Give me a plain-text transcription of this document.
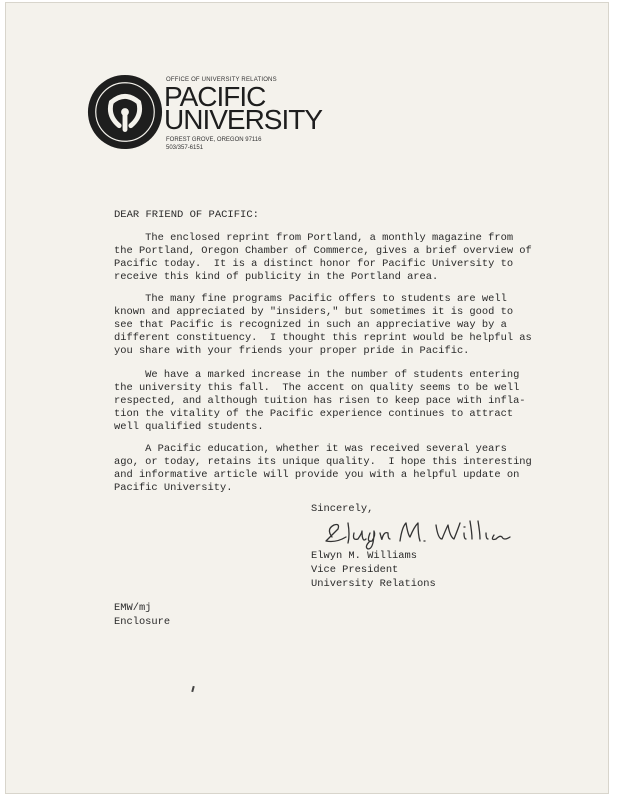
OFFICE OF UNIVERSITY RELATIONS
PACIFIC
UNIVERSITY
FOREST GROVE, OREGON 97116
503/357-6151
DEAR FRIEND OF PACIFIC:

The enclosed reprint from Portland, a monthly magazine from
the Portland, Oregon Chamber of Commerce, gives a brief overview of
Pacific today.  It is a distinct honor for Pacific University to
receive this kind of publicity in the Portland area.

The many fine programs Pacific offers to students are well
known and appreciated by "insiders," but sometimes it is good to
see that Pacific is recognized in such an appreciative way by a
different constituency.  I thought this reprint would be helpful as
you share with your friends your proper pride in Pacific.

We have a marked increase in the number of students entering
the university this fall.  The accent on quality seems to be well
respected, and although tuition has risen to keep pace with infla-
tion the vitality of the Pacific experience continues to attract
well qualified students.

A Pacific education, whether it was received several years
ago, or today, retains its unique quality.  I hope this interesting
and informative article will provide you with a helpful update on
Pacific University.

Sincerely,
Elwyn M. Williams
Vice President
University Relations
EMW/mj
Enclosure
